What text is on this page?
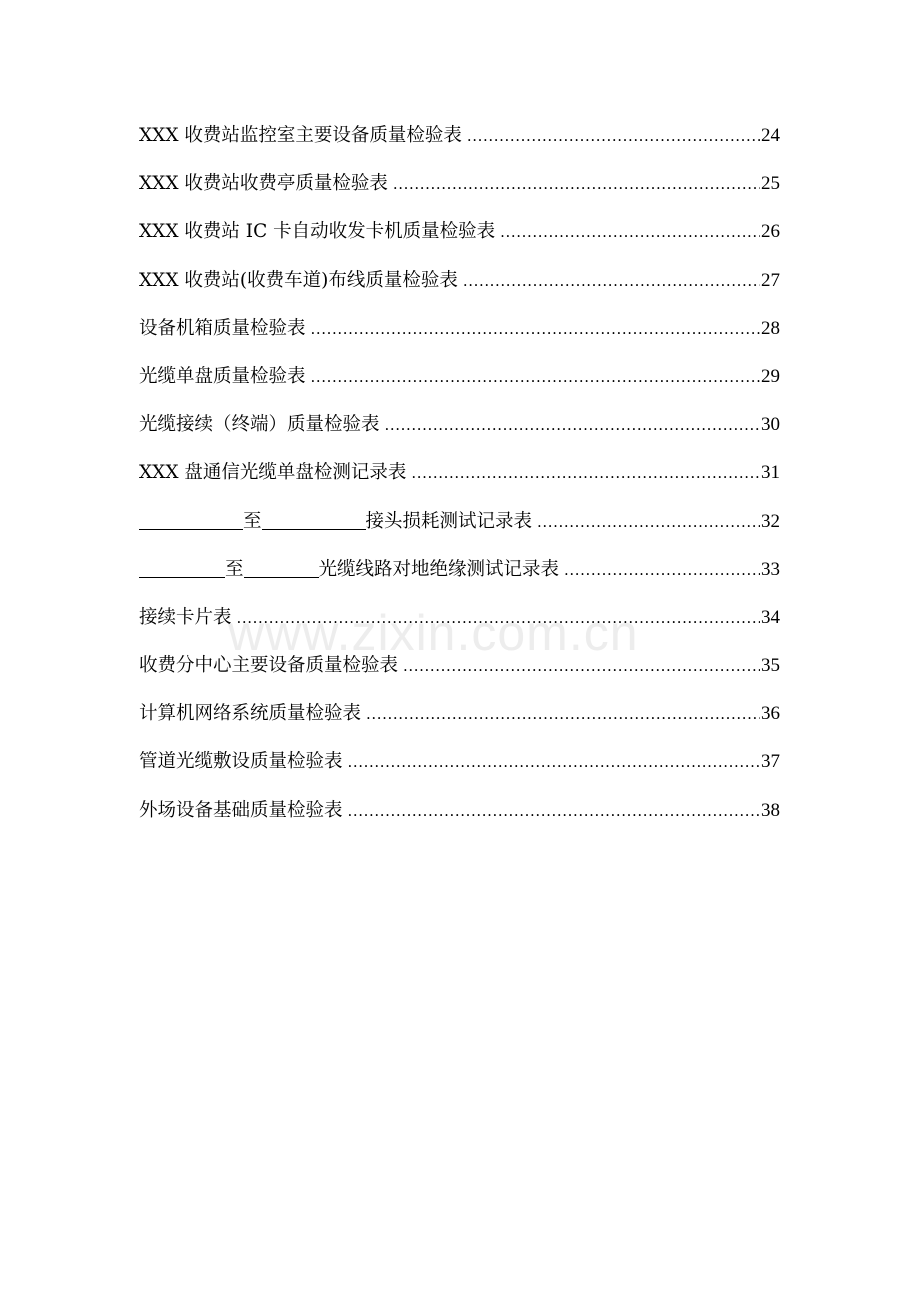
XXX 收费站监控室主要设备质量检验表 .....	24
XXX 收费站收费亭质量检验表 .....	25
XXX 收费站 IC 卡自动收发卡机质量检验表 .....	26
XXX 收费站(收费车道)布线质量检验表 .....	27
设备机箱质量检验表 .....	28
光缆单盘质量检验表 .....	29
光缆接续（终端）质量检验表 .....	30
XXX 盘通信光缆单盘检测记录表 .....	31
至	接头损耗测试记录表 .....	32
至	光缆线路对地绝缘测试记录表 .....	33
接续卡片表 .....	34
收费分中心主要设备质量检验表 .....	35
计算机网络系统质量检验表 .....	36
管道光缆敷设质量检验表 .....	37
外场设备基础质量检验表 .....	38
www.zixin.com.cn
